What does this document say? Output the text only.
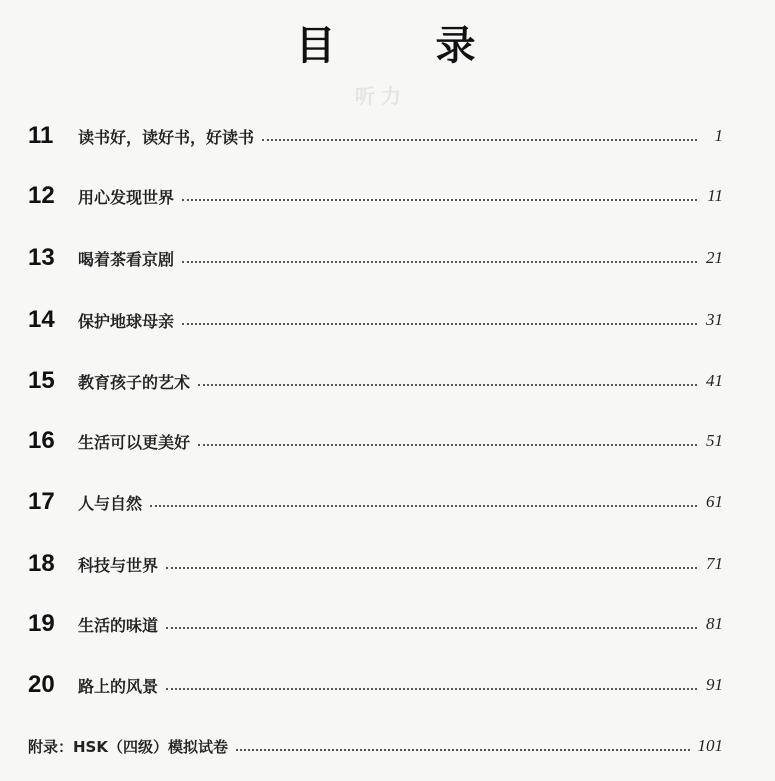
目　录
听力
11	读书好，读好书，好读书	1
12	用心发现世界	11
13	喝着茶看京剧	21
14	保护地球母亲	31
15	教育孩子的艺术	41
16	生活可以更美好	51
17	人与自然	61
18	科技与世界	71
19	生活的味道	81
20	路上的风景	91
附录：HSK（四级）模拟试卷	101
